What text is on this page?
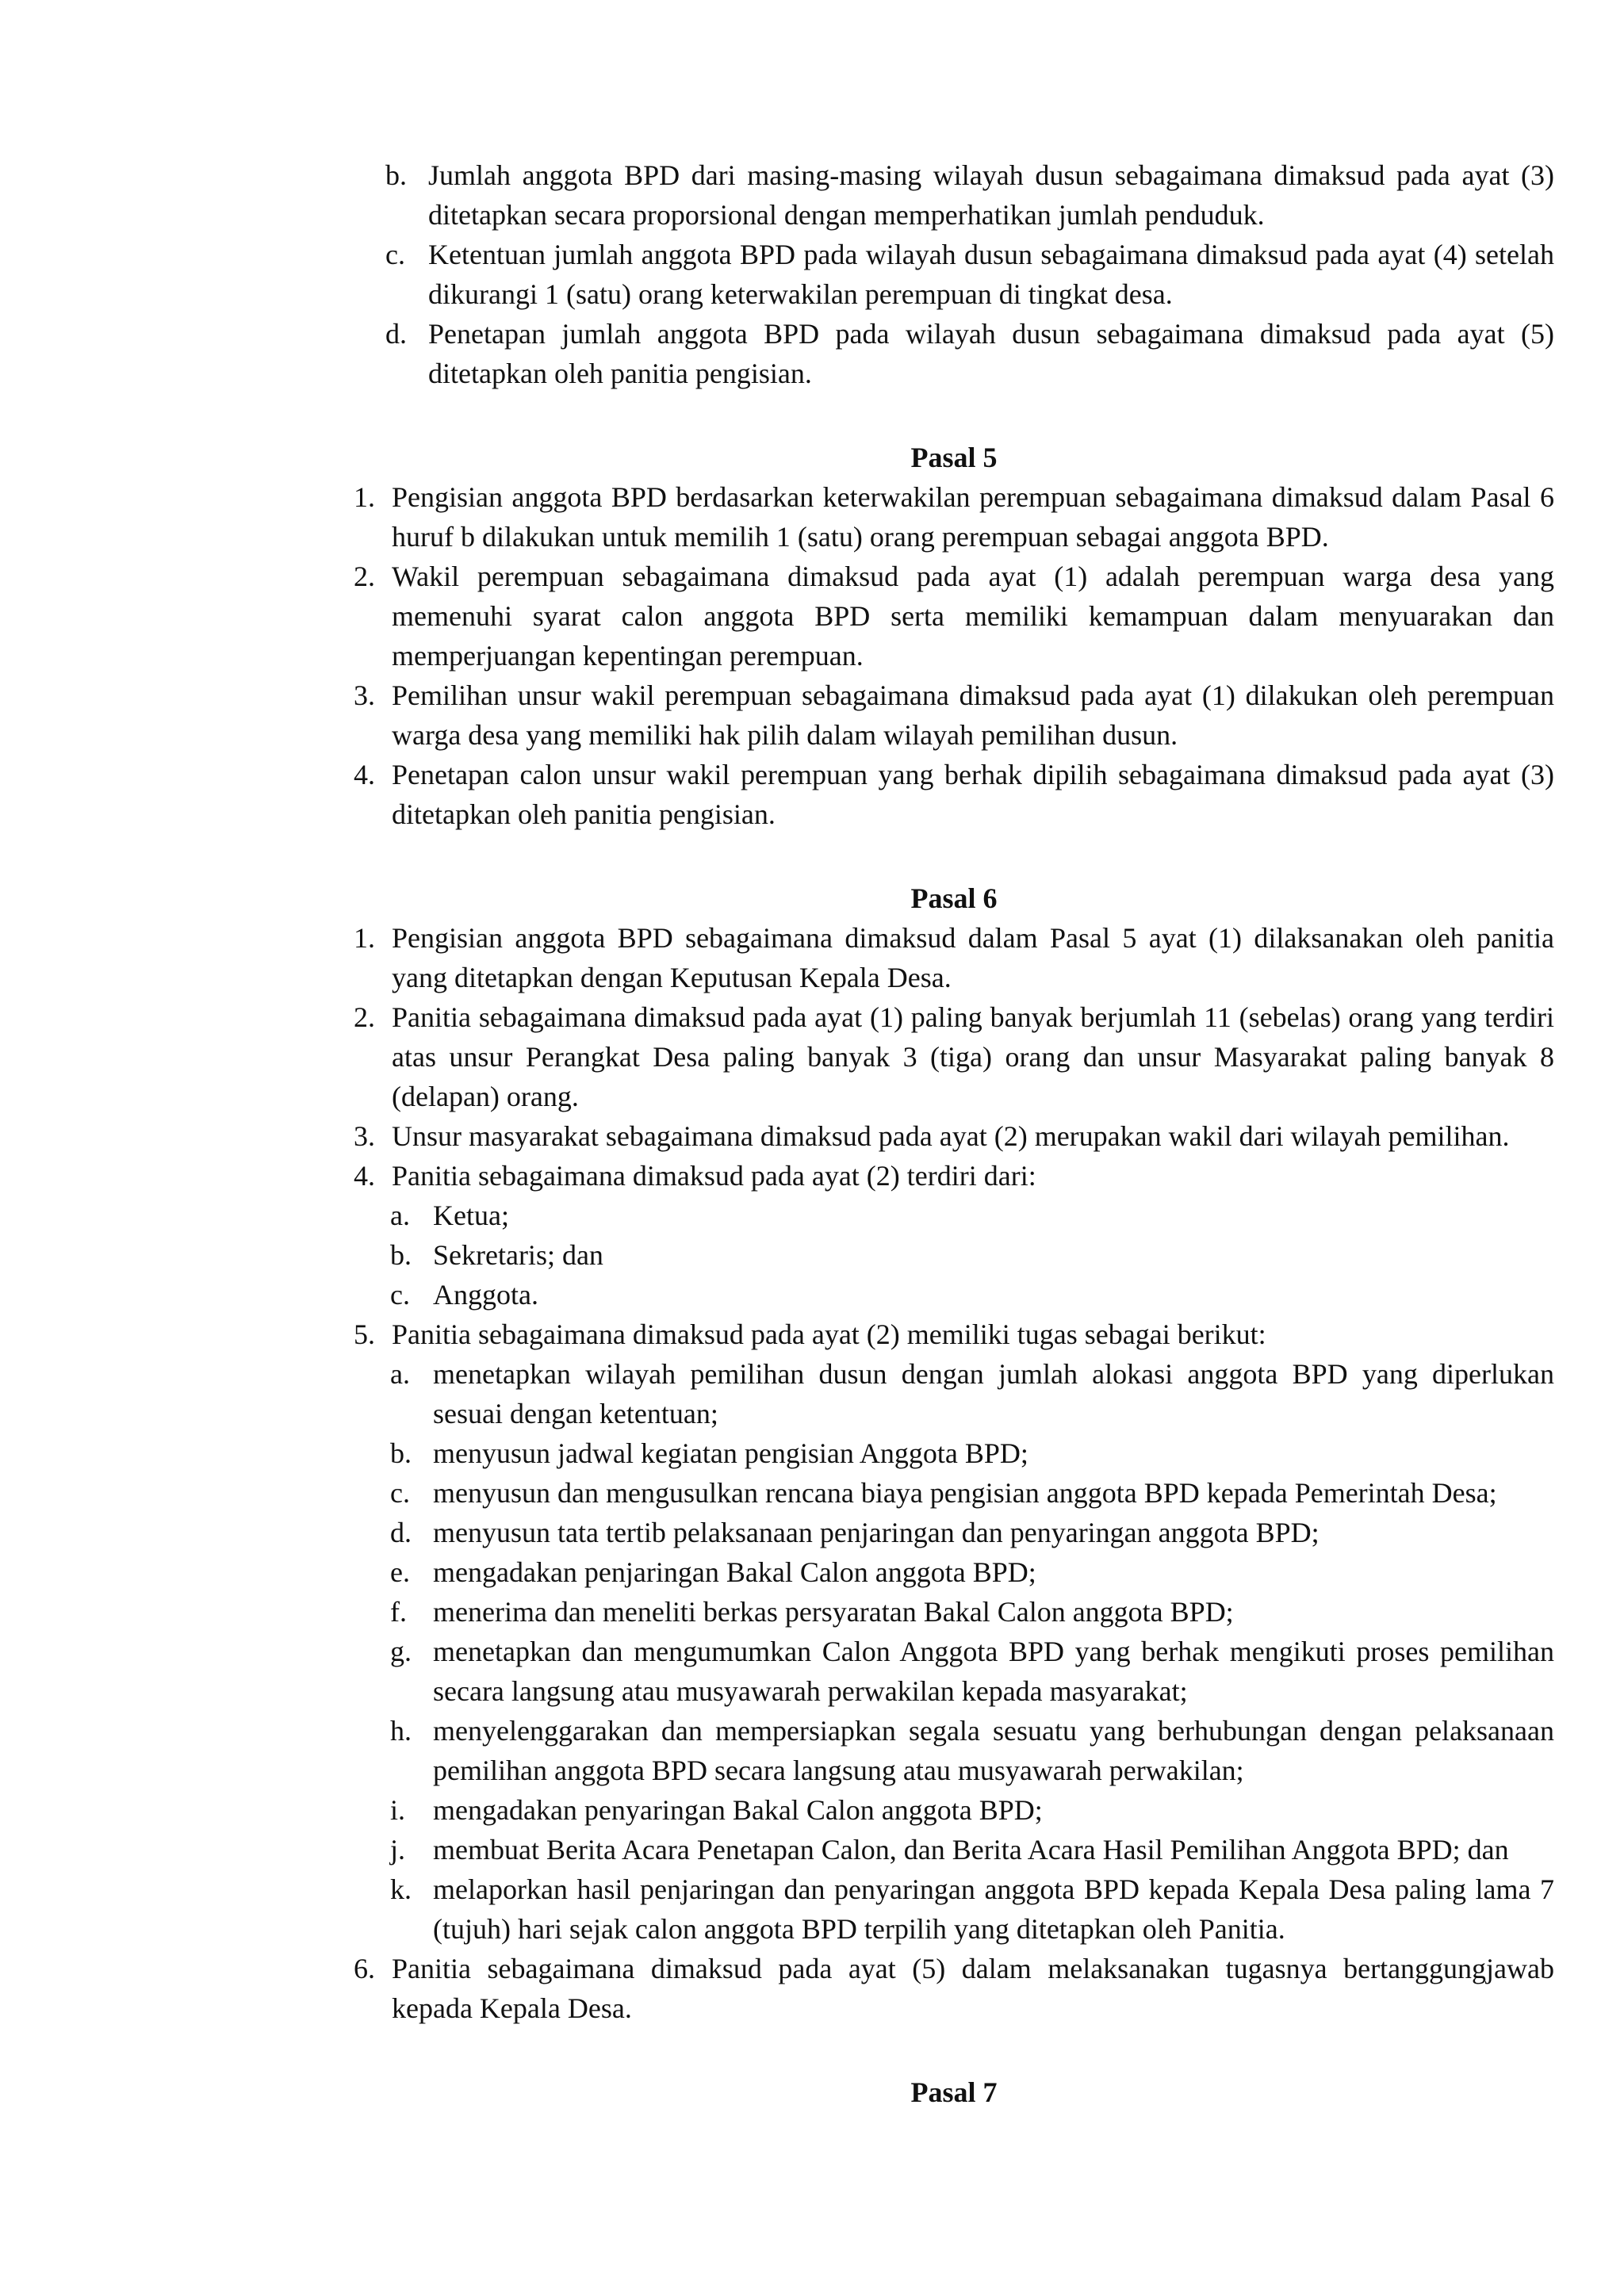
b. Jumlah anggota BPD dari masing-masing wilayah dusun sebagaimana dimaksud pada ayat (3) ditetapkan secara proporsional dengan memperhatikan jumlah penduduk.
c. Ketentuan jumlah anggota BPD pada wilayah dusun sebagaimana dimaksud pada ayat (4) setelah dikurangi 1 (satu) orang keterwakilan perempuan di tingkat desa.
d. Penetapan jumlah anggota BPD pada wilayah dusun sebagaimana dimaksud pada ayat (5) ditetapkan oleh panitia pengisian.
Pasal 5
1. Pengisian anggota BPD berdasarkan keterwakilan perempuan sebagaimana dimaksud dalam Pasal 6 huruf b dilakukan untuk memilih 1 (satu) orang perempuan sebagai anggota BPD.
2. Wakil perempuan sebagaimana dimaksud pada ayat (1) adalah perempuan warga desa yang memenuhi syarat calon anggota BPD serta memiliki kemampuan dalam menyuarakan dan memperjuangan kepentingan perempuan.
3. Pemilihan unsur wakil perempuan sebagaimana dimaksud pada ayat (1) dilakukan oleh perempuan warga desa yang memiliki hak pilih dalam wilayah pemilihan dusun.
4. Penetapan calon unsur wakil perempuan yang berhak dipilih sebagaimana dimaksud pada ayat (3) ditetapkan oleh panitia pengisian.
Pasal 6
1. Pengisian anggota BPD sebagaimana dimaksud dalam Pasal 5 ayat (1) dilaksanakan oleh panitia yang ditetapkan dengan Keputusan Kepala Desa.
2. Panitia sebagaimana dimaksud pada ayat (1) paling banyak berjumlah 11 (sebelas) orang yang terdiri atas unsur Perangkat Desa paling banyak 3 (tiga) orang dan unsur Masyarakat paling banyak 8 (delapan) orang.
3. Unsur masyarakat sebagaimana dimaksud pada ayat (2) merupakan wakil dari wilayah pemilihan.
4. Panitia sebagaimana dimaksud pada ayat (2) terdiri dari:
a. Ketua;
b. Sekretaris; dan
c. Anggota.
5. Panitia sebagaimana dimaksud pada ayat (2) memiliki tugas sebagai berikut:
a. menetapkan wilayah pemilihan dusun dengan jumlah alokasi anggota BPD yang diperlukan sesuai dengan ketentuan;
b. menyusun jadwal kegiatan pengisian Anggota BPD;
c. menyusun dan mengusulkan rencana biaya pengisian anggota BPD kepada Pemerintah Desa;
d. menyusun tata tertib pelaksanaan penjaringan dan penyaringan anggota BPD;
e. mengadakan penjaringan Bakal Calon anggota BPD;
f. menerima dan meneliti berkas persyaratan Bakal Calon anggota BPD;
g. menetapkan dan mengumumkan Calon Anggota BPD yang berhak mengikuti proses pemilihan secara langsung atau musyawarah perwakilan kepada masyarakat;
h. menyelenggarakan dan mempersiapkan segala sesuatu yang berhubungan dengan pelaksanaan pemilihan anggota BPD secara langsung atau musyawarah perwakilan;
i. mengadakan penyaringan Bakal Calon anggota BPD;
j. membuat Berita Acara Penetapan Calon, dan Berita Acara Hasil Pemilihan Anggota BPD; dan
k. melaporkan hasil penjaringan dan penyaringan anggota BPD kepada Kepala Desa paling lama 7 (tujuh) hari sejak calon anggota BPD terpilih yang ditetapkan oleh Panitia.
6. Panitia sebagaimana dimaksud pada ayat (5) dalam melaksanakan tugasnya bertanggungjawab kepada Kepala Desa.
Pasal 7
